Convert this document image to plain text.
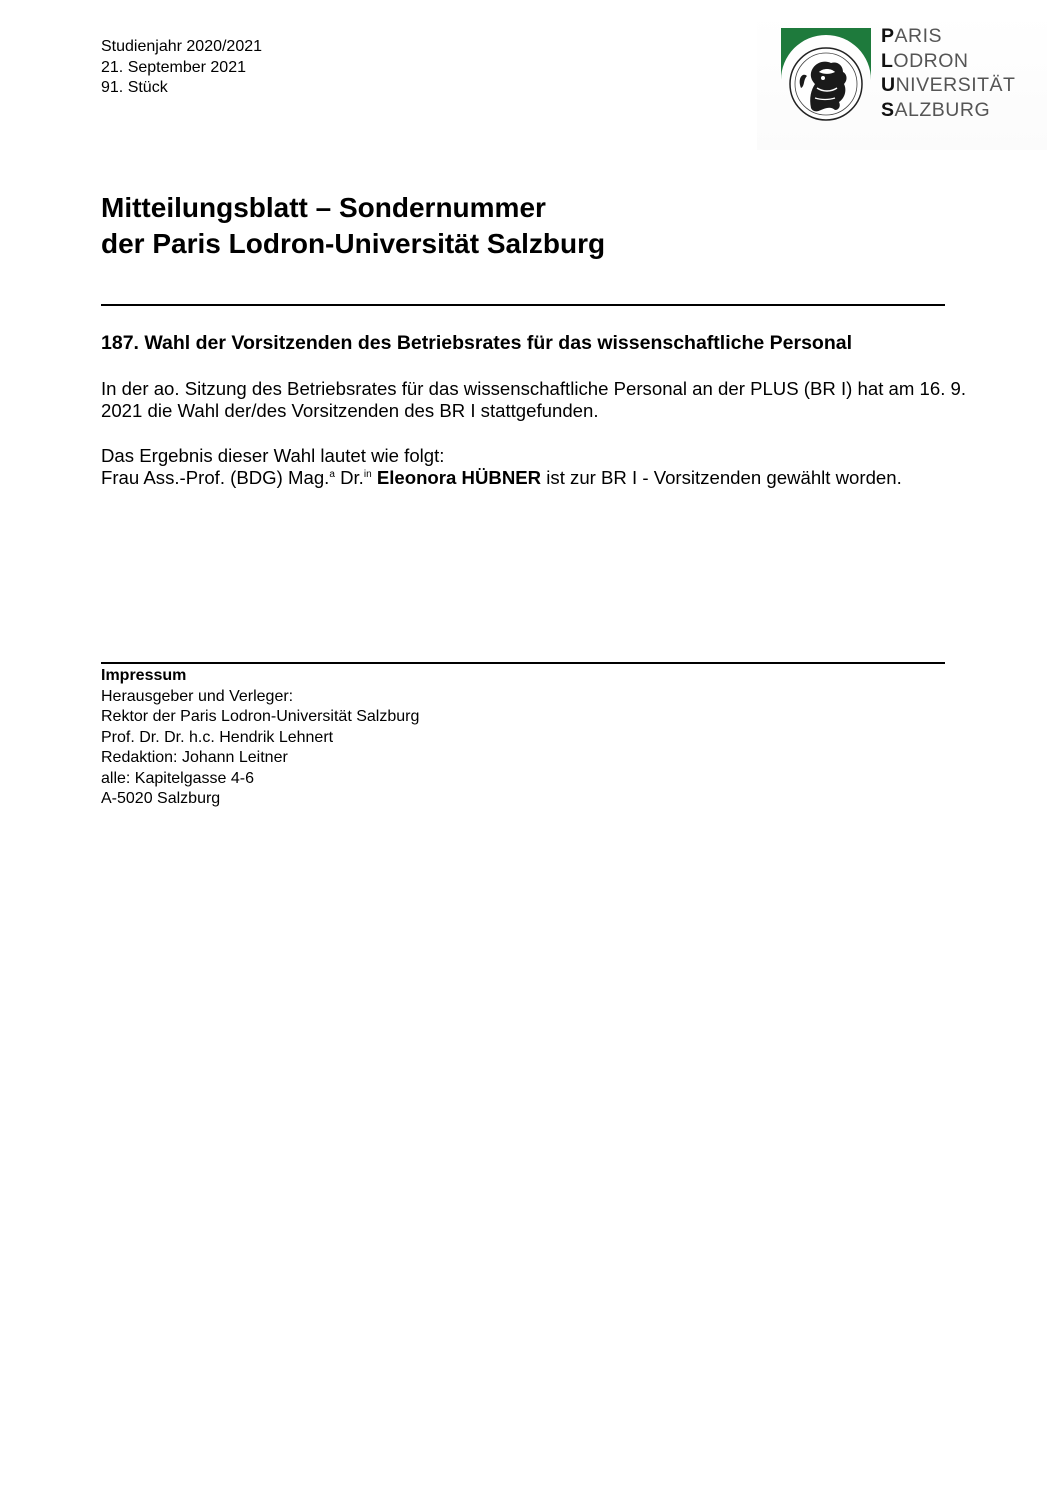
Studienjahr 2020/2021
21. September 2021
91. Stück
PARIS
LODRON
UNIVERSITÄT
SALZBURG
Mitteilungsblatt – Sondernummer
der Paris Lodron-Universität Salzburg
187. Wahl der Vorsitzenden des Betriebsrates für das wissenschaftliche Personal

In der ao. Sitzung des Betriebsrates für das wissenschaftliche Personal an der PLUS (BR I) hat am 16. 9. 2021 die Wahl der/des Vorsitzenden des BR I stattgefunden.

Das Ergebnis dieser Wahl lautet wie folgt:
Frau Ass.-Prof. (BDG) Mag.$^a$ Dr.$^{in}$ Eleonora HÜBNER ist zur BR I - Vorsitzenden gewählt worden.
Impressum
Herausgeber und Verleger:
Rektor der Paris Lodron-Universität Salzburg
Prof. Dr. Dr. h.c. Hendrik Lehnert
Redaktion: Johann Leitner
alle: Kapitelgasse 4-6
A-5020 Salzburg
